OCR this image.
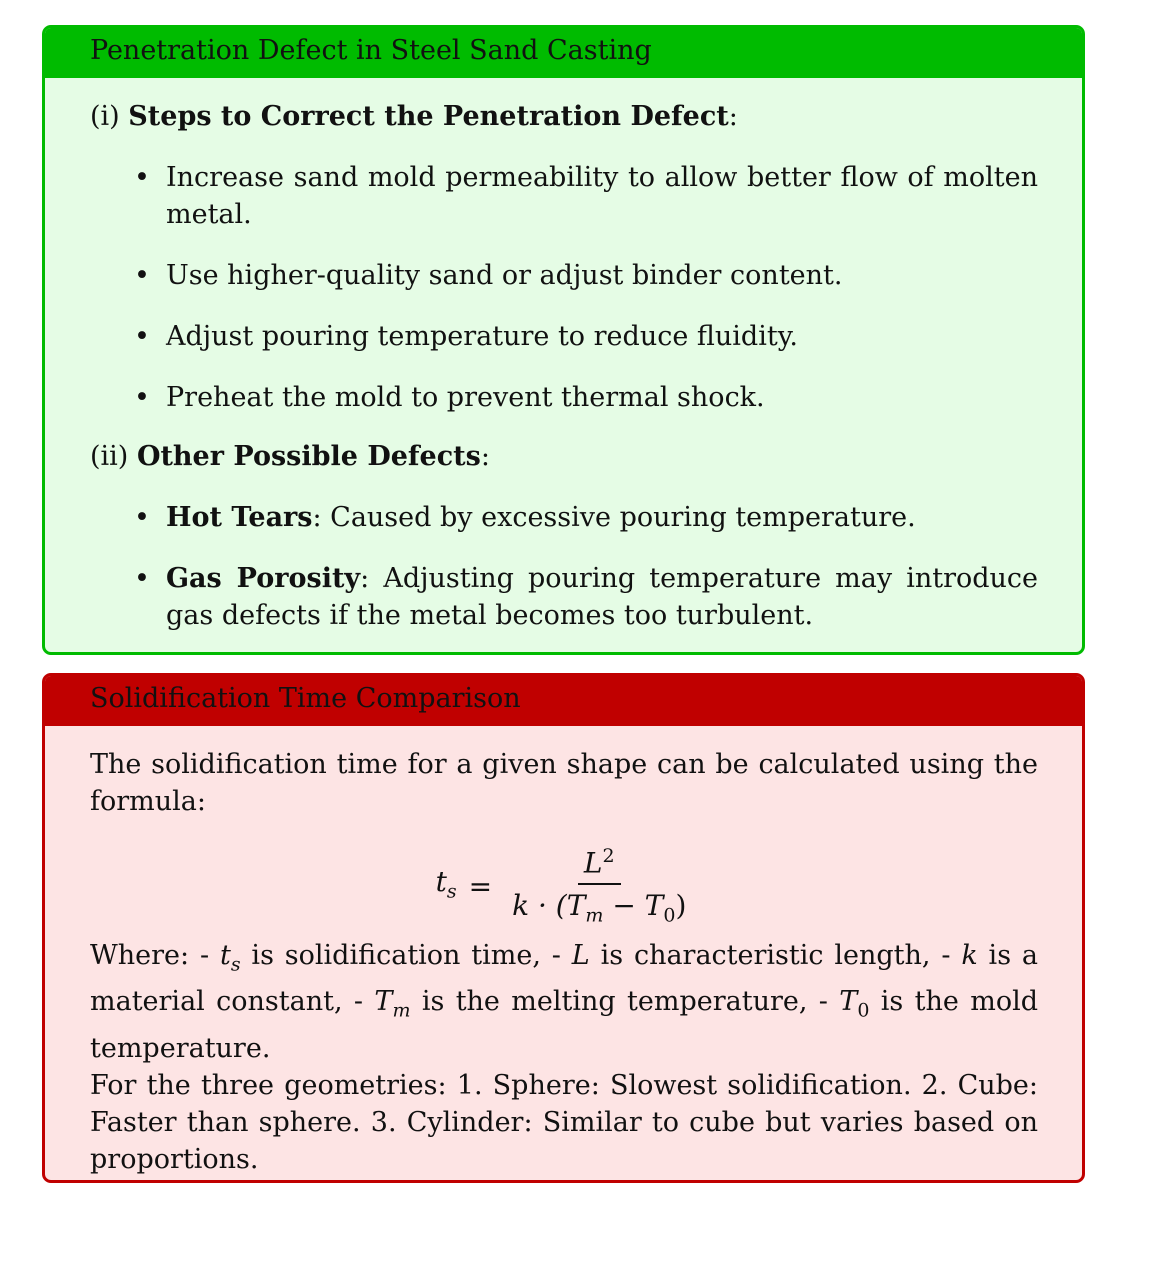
Penetration Defect in Steel Sand Casting

(i) Steps to Correct the Penetration Defect:

• Increase sand mold permeability to allow better flow of molten metal.
• Use higher-quality sand or adjust binder content.
• Adjust pouring temperature to reduce fluidity.
• Preheat the mold to prevent thermal shock.

(ii) Other Possible Defects:

• Hot Tears: Caused by excessive pouring temperature.
• Gas Porosity: Adjusting pouring temperature may introduce gas defects if the metal becomes too turbulent.
Solidification Time Comparison

The solidification time for a given shape can be calculated using the formula:

$t_s = \frac{L^2}{k \cdot (T_m - T_0)}$

Where: - $t_s$ is solidification time, - L is characteristic length, - k is a material constant, - $T_m$ is the melting temperature, - $T_0$ is the mold temperature.

For the three geometries: 1. Sphere: Slowest solidification. 2. Cube: Faster than sphere. 3. Cylinder: Similar to cube but varies based on proportions.
